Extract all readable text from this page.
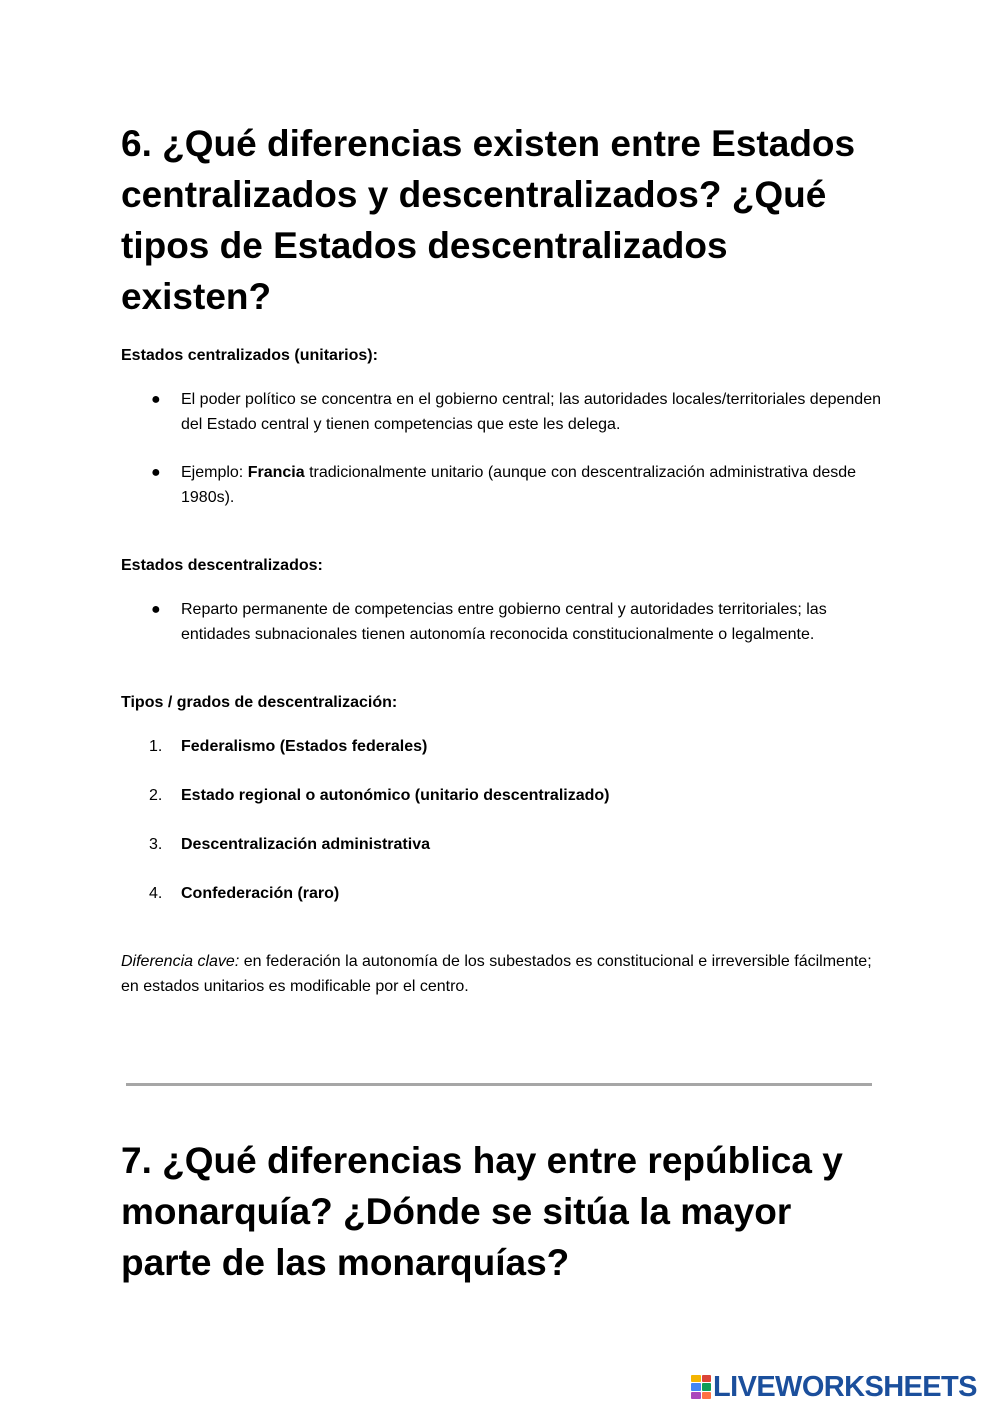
6. ¿Qué diferencias existen entre Estados centralizados y descentralizados? ¿Qué tipos de Estados descentralizados existen?

Estados centralizados (unitarios):

● El poder político se concentra en el gobierno central; las autoridades locales/territoriales dependen del Estado central y tienen competencias que este les delega.
● Ejemplo: Francia tradicionalmente unitario (aunque con descentralización administrativa desde 1980s).

Estados descentralizados:

● Reparto permanente de competencias entre gobierno central y autoridades territoriales; las entidades subnacionales tienen autonomía reconocida constitucionalmente o legalmente.

Tipos / grados de descentralización:

1. Federalismo (Estados federales)
2. Estado regional o autonómico (unitario descentralizado)
3. Descentralización administrativa
4. Confederación (raro)

Diferencia clave: en federación la autonomía de los subestados es constitucional e irreversible fácilmente; en estados unitarios es modificable por el centro.

7. ¿Qué diferencias hay entre república y monarquía? ¿Dónde se sitúa la mayor parte de las monarquías?
LIVEWORKSHEETS
